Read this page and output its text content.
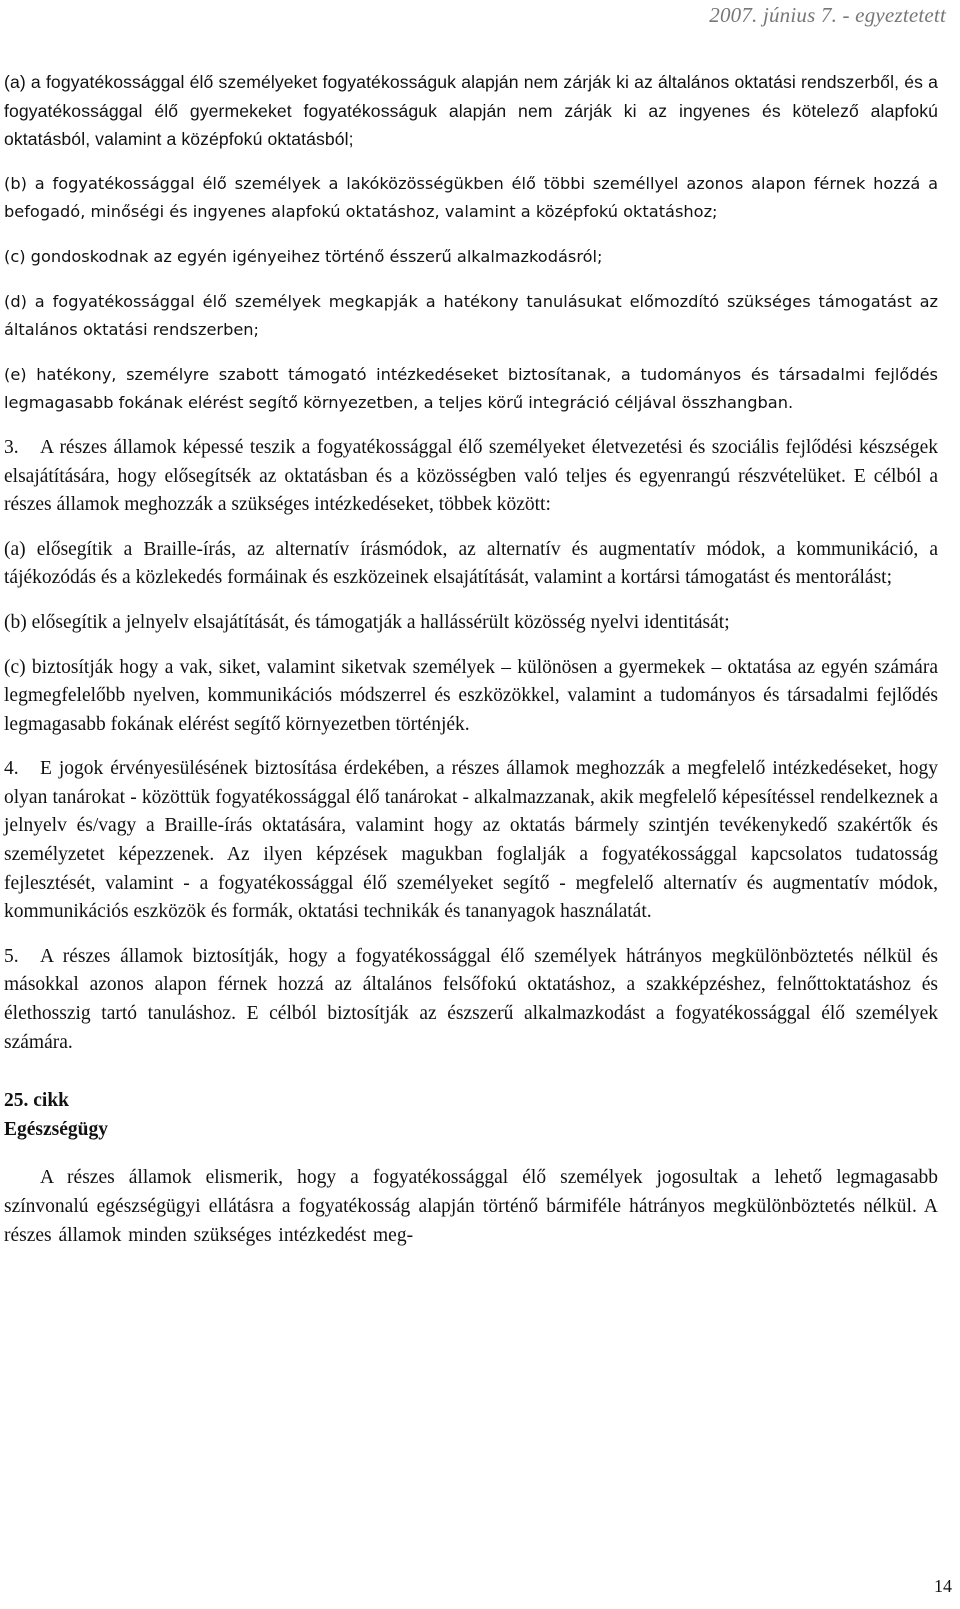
2007. június 7. - egyeztetett

(a) a fogyatékossággal élő személyeket fogyatékosságuk alapján nem zárják ki az általános oktatási rendszerből, és a fogyatékossággal élő gyermekeket fogyatékosságuk alapján nem zárják ki az ingyenes és kötelező alapfokú oktatásból, valamint a középfokú oktatásból;

(b) a fogyatékossággal élő személyek a lakóközösségükben élő többi személlyel azonos alapon férnek hozzá a befogadó, minőségi és ingyenes alapfokú oktatáshoz, valamint a középfokú oktatáshoz;

(c) gondoskodnak az egyén igényeihez történő ésszerű alkalmazkodásról;

(d) a fogyatékossággal élő személyek megkapják a hatékony tanulásukat előmozdító szükséges támogatást az általános oktatási rendszerben;

(e) hatékony, személyre szabott támogató intézkedéseket biztosítanak, a tudományos és társadalmi fejlődés legmagasabb fokának elérést segítő környezetben, a teljes körű integráció céljával összhangban.

3. A részes államok képessé teszik a fogyatékossággal élő személyeket életvezetési és szociális fejlődési készségek elsajátítására, hogy elősegítsék az oktatásban és a közösségben való teljes és egyenrangú részvételüket. E célból a részes államok meghozzák a szükséges intézkedéseket, többek között:

(a) elősegítik a Braille-írás, az alternatív írásmódok, az alternatív és augmentatív módok, a kommunikáció, a tájékozódás és a közlekedés formáinak és eszközeinek elsajátítását, valamint a kortársi támogatást és mentorálást;

(b) elősegítik a jelnyelv elsajátítását, és támogatják a hallássérült közösség nyelvi identitását;

(c) biztosítják hogy a vak, siket, valamint siketvak személyek – különösen a gyermekek – oktatása az egyén számára legmegfelelőbb nyelven, kommunikációs módszerrel és eszközökkel, valamint a tudományos és társadalmi fejlődés legmagasabb fokának elérést segítő környezetben történjék.

4. E jogok érvényesülésének biztosítása érdekében, a részes államok meghozzák a megfelelő intézkedéseket, hogy olyan tanárokat - közöttük fogyatékossággal élő tanárokat - alkalmazzanak, akik megfelelő képesítéssel rendelkeznek a jelnyelv és/vagy a Braille-írás oktatására, valamint hogy az oktatás bármely szintjén tevékenykedő szakértők és személyzetet képezzenek. Az ilyen képzések magukban foglalják a fogyatékossággal kapcsolatos tudatosság fejlesztését, valamint - a fogyatékossággal élő személyeket segítő - megfelelő alternatív és augmentatív módok, kommunikációs eszközök és formák, oktatási technikák és tananyagok használatát.

5. A részes államok biztosítják, hogy a fogyatékossággal élő személyek hátrányos megkülönböztetés nélkül és másokkal azonos alapon férnek hozzá az általános felsőfokú oktatáshoz, a szakképzéshez, felnőttoktatáshoz és élethosszig tartó tanuláshoz. E célból biztosítják az észszerű alkalmazkodást a fogyatékossággal élő személyek számára.

25. cikk
Egészségügy

A részes államok elismerik, hogy a fogyatékossággal élő személyek jogosultak a lehető legmagasabb színvonalú egészségügyi ellátásra a fogyatékosság alapján történő bármiféle hátrányos megkülönböztetés nélkül. A részes államok minden szükséges intézkedést meg-

14
